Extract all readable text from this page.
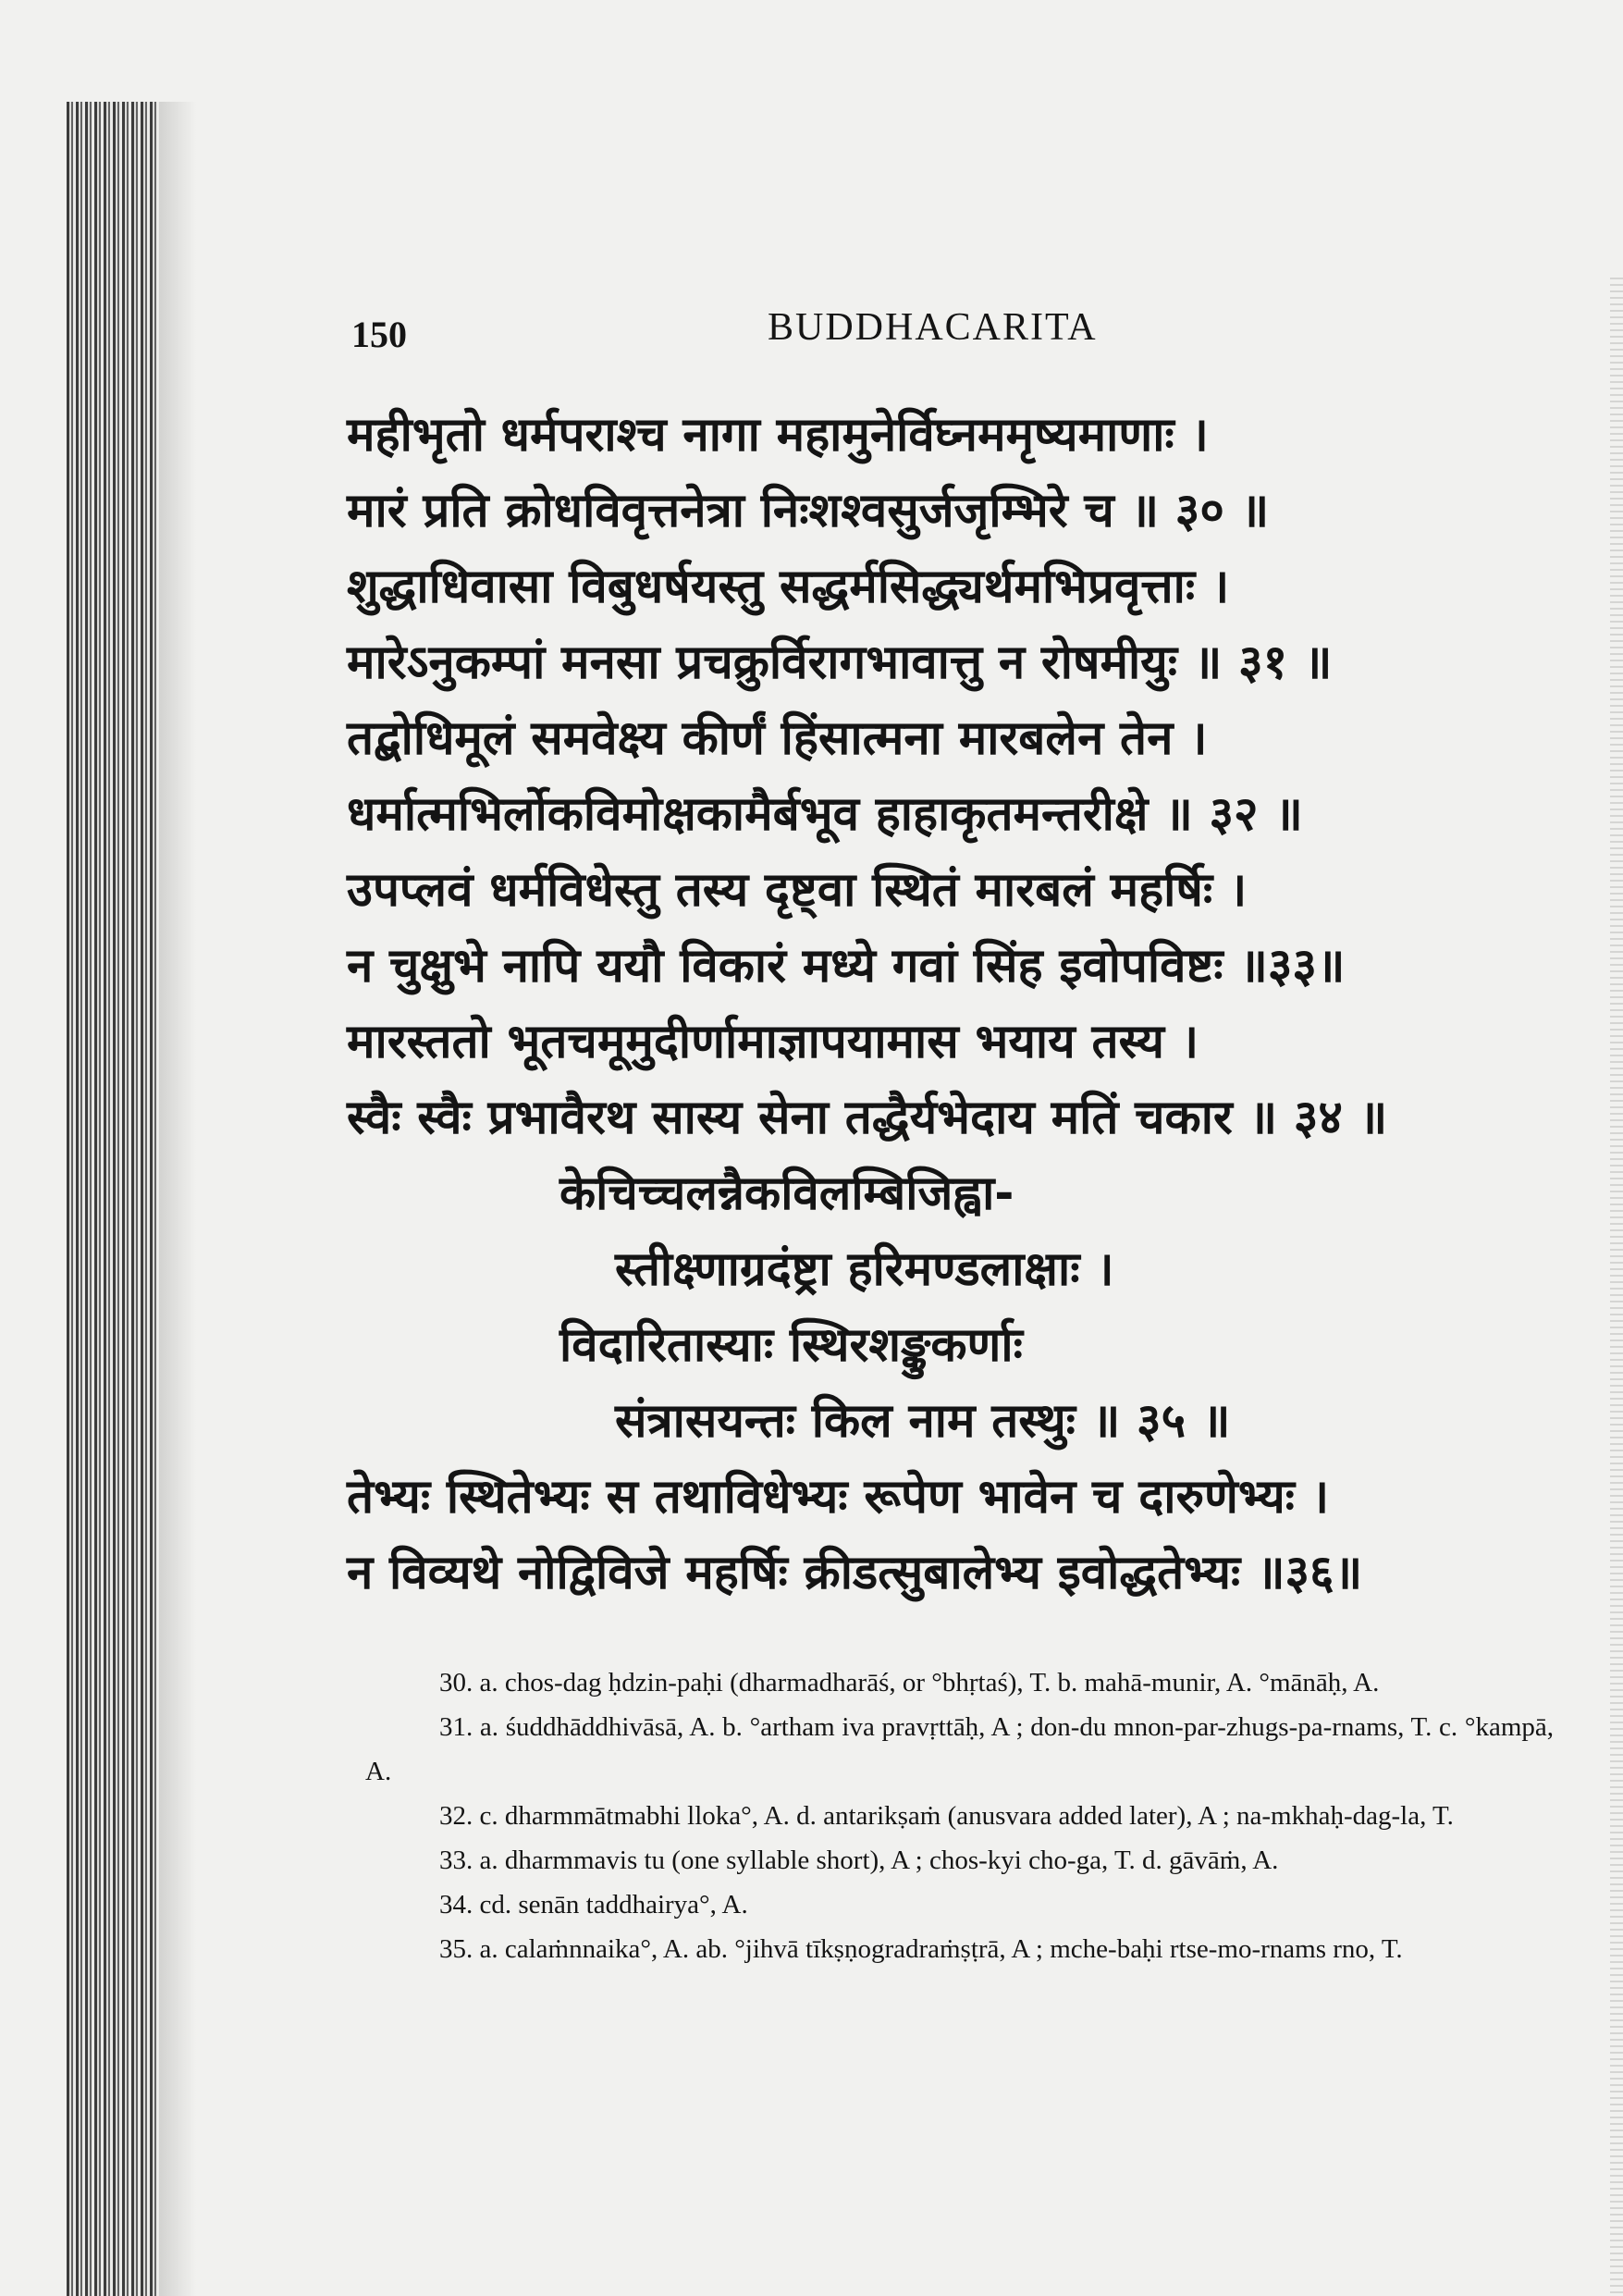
150	BUDDHACARITA
महीभृतो धर्मपराश्च नागा महामुनेर्विघ्नममृष्यमाणाः ।
मारं प्रति क्रोधविवृत्तनेत्रा निःशश्वसुर्जजृम्भिरे च ॥ ३० ॥
शुद्धाधिवासा विबुधर्षयस्तु सद्धर्मसिद्ध्यर्थमभिप्रवृत्ताः ।
मारेऽनुकम्पां मनसा प्रचक्रुर्विरागभावात्तु न रोषमीयुः ॥ ३१ ॥
तद्बोधिमूलं समवेक्ष्य कीर्णं हिंसात्मना मारबलेन तेन ।
धर्मात्मभिर्लोकविमोक्षकामैर्बभूव हाहाकृतमन्तरीक्षे ॥ ३२ ॥
उपप्लवं धर्मविधेस्तु तस्य दृष्ट्वा स्थितं मारबलं महर्षिः ।
न चुक्षुभे नापि ययौ विकारं मध्ये गवां सिंह इवोपविष्टः ॥३३॥
मारस्ततो भूतचमूमुदीर्णामाज्ञापयामास भयाय तस्य ।
स्वैः स्वैः प्रभावैरथ सास्य सेना तद्धैर्यभेदाय मतिं चकार ॥ ३४ ॥
केचिच्चलन्नैकविलम्बिजिह्वा-
स्तीक्ष्णाग्रदंष्ट्रा हरिमण्डलाक्षाः ।
विदारितास्याः स्थिरशङ्कुकर्णाः
संत्रासयन्तः किल नाम तस्थुः ॥ ३५ ॥
तेभ्यः स्थितेभ्यः स तथाविधेभ्यः रूपेण भावेन च दारुणेभ्यः ।
न विव्यथे नोद्विविजे महर्षिः क्रीडत्सुबालेभ्य इवोद्धतेभ्यः ॥३६॥

30. a. chos-dag ḥdzin-paḥi (dharmadharāś, or °bhṛtaś), T. b. mahā-munir, A. °mānāḥ, A.

31. a. śuddhāddhivāsā, A. b. °artham iva pravṛttāḥ, A ; don-du mnon-par-zhugs-pa-rnams, T. c. °kampā, A.

32. c. dharmmātmabhi lloka°, A. d. antarikṣaṁ (anusvara added later), A ; na-mkhaḥ-dag-la, T.

33. a. dharmmavis tu (one syllable short), A ; chos-kyi cho-ga, T. d. gāvāṁ, A.

34. cd. senān taddhairya°, A.

35. a. calaṁnnaika°, A. ab. °jihvā tīkṣṇogradraṁṣṭrā, A ; mche-baḥi rtse-mo-rnams rno, T.
